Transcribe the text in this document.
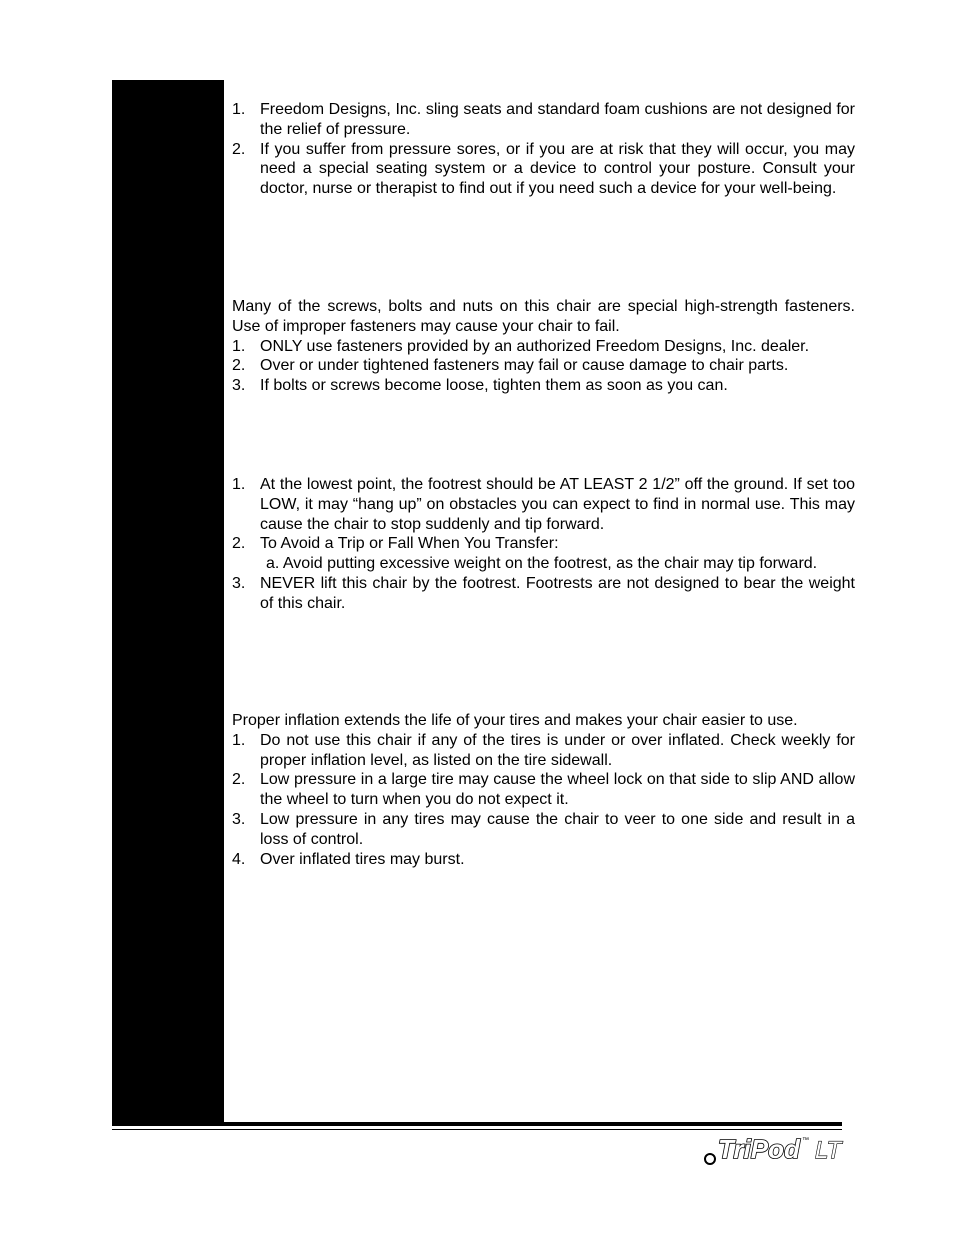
1. Freedom Designs, Inc. sling seats and standard foam cushions are not designed for the relief of pressure.
2. If you suffer from pressure sores, or if you are at risk that they will occur, you may need a special seating system or a device to control your posture. Consult your doctor, nurse or therapist to find out if you need such a device for your well-being.

Many of the screws, bolts and nuts on this chair are special high-strength fasteners. Use of improper fasteners may cause your chair to fail.

1. ONLY use fasteners provided by an authorized Freedom Designs, Inc. dealer.
2. Over or under tightened fasteners may fail or cause damage to chair parts.
3. If bolts or screws become loose, tighten them as soon as you can.
1. At the lowest point, the footrest should be AT LEAST 2 1/2” off the ground. If set too LOW, it may “hang up” on obstacles you can expect to find in normal use. This may cause the chair to stop suddenly and tip forward.
2. To Avoid a Trip or Fall When You Transfer:
a. Avoid putting excessive weight on the footrest, as the chair may tip forward.
3. NEVER lift this chair by the footrest. Footrests are not designed to bear the weight of this chair.

Proper inflation extends the life of your tires and makes your chair easier to use.

1. Do not use this chair if any of the tires is under or over inflated. Check weekly for proper inflation level, as listed on the tire sidewall.
2. Low pressure in a large tire may cause the wheel lock on that side to slip AND allow the wheel to turn when you do not expect it.
3. Low pressure in any tires may cause the chair to veer to one side and result in a loss of control.
4. Over inflated tires may burst.
TriPod ™ LT
